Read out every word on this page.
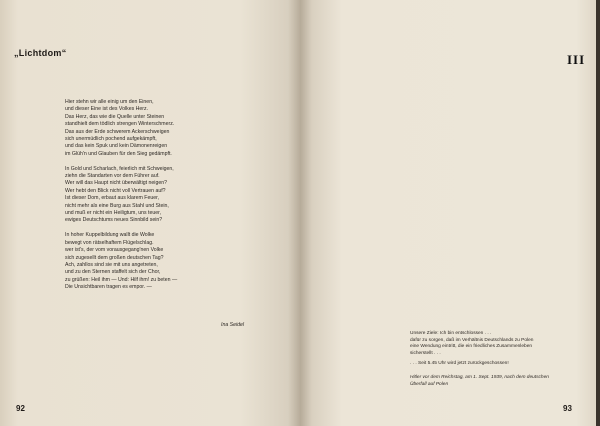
„Lichtdom“
Hier stehn wir alle einig um den Einen,
und dieser Eine ist des Volkes Herz.
Das Herz, das wie die Quelle unter Steinen
standhielt dem tödlich strengen Winterschmerz.
Das aus der Erde schwerem Ackerschweigen
sich unermüdlich pochend aufgekämpft,
und das kein Spuk und kein Dämonenreigen
im Glüh'n und Glauben für den Sieg gedämpft.
In Gold und Scharlach, feierlich mit Schweigen,
ziehn die Standarten vor dem Führer auf.
Wer will das Haupt nicht überwältigt neigen?
Wer hebt den Blick nicht voll Vertrauen auf?
Ist dieser Dom, erbaut aus klarem Feuer,
nicht mehr als eine Burg aus Stahl und Stein,
und muß er nicht ein Heiligtum, uns teuer,
ewiges Deutschtums neues Sinnbild sein?
In hoher Kuppelbildung wallt die Wolke
bewegt von rätselhaftem Flügelschlag.
wer ist's, der vom vorausgegang'nen Volke
sich zugesellt dem großen deutschen Tag?
Ach, zahllos sind sie mit uns angetreten,
und zu den Sternen staffelt sich der Chor,
zu grüßen: Heil ihm — Und: Hilf ihm! zu beten —
Die Unsichtbaren tragen es empor. —
Ina Seidel
92
III
Unsere Ziele: Ich bin entschlossen . . .
dafür zu sorgen, daß im Verhältnis Deutschlands zu Polen
eine Wendung eintritt, die ein friedliches Zusammenleben
sicherstellt . . .
. . . Seit 5.45 Uhr wird jetzt zurückgeschossen!
Hitler vor dem Reichstag, am 1. Sept. 1939, nach dem deutschen
Überfall auf Polen
93
